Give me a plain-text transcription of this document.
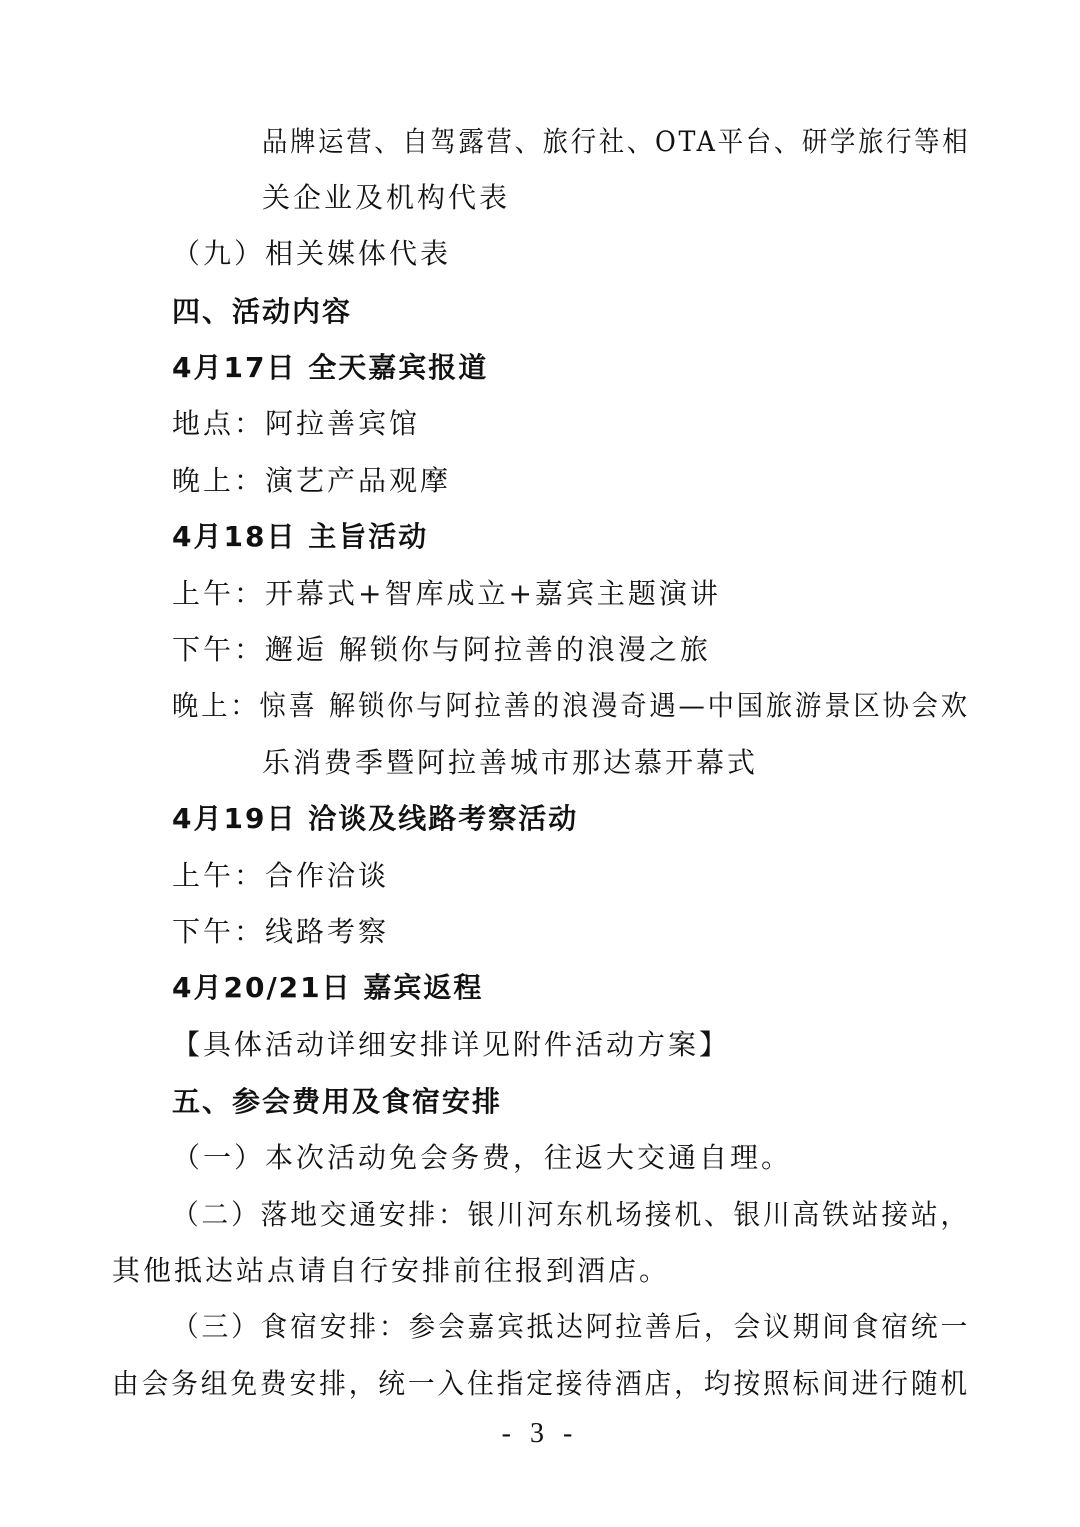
品牌运营、自驾露营、旅行社、OTA平台、研学旅行等相
关企业及机构代表
（九）相关媒体代表
四、活动内容
4月17日 全天嘉宾报道
地点：阿拉善宾馆
晚上：演艺产品观摩
4月18日 主旨活动
上午：开幕式+智库成立+嘉宾主题演讲
下午：邂逅 解锁你与阿拉善的浪漫之旅
晚上：惊喜 解锁你与阿拉善的浪漫奇遇—中国旅游景区协会欢
乐消费季暨阿拉善城市那达慕开幕式
4月19日 洽谈及线路考察活动
上午：合作洽谈
下午：线路考察
4月20/21日 嘉宾返程
【具体活动详细安排详见附件活动方案】
五、参会费用及食宿安排
（一）本次活动免会务费，往返大交通自理。
（二）落地交通安排：银川河东机场接机、银川高铁站接站，
其他抵达站点请自行安排前往报到酒店。
（三）食宿安排：参会嘉宾抵达阿拉善后，会议期间食宿统一
由会务组免费安排，统一入住指定接待酒店，均按照标间进行随机
- 3 -
